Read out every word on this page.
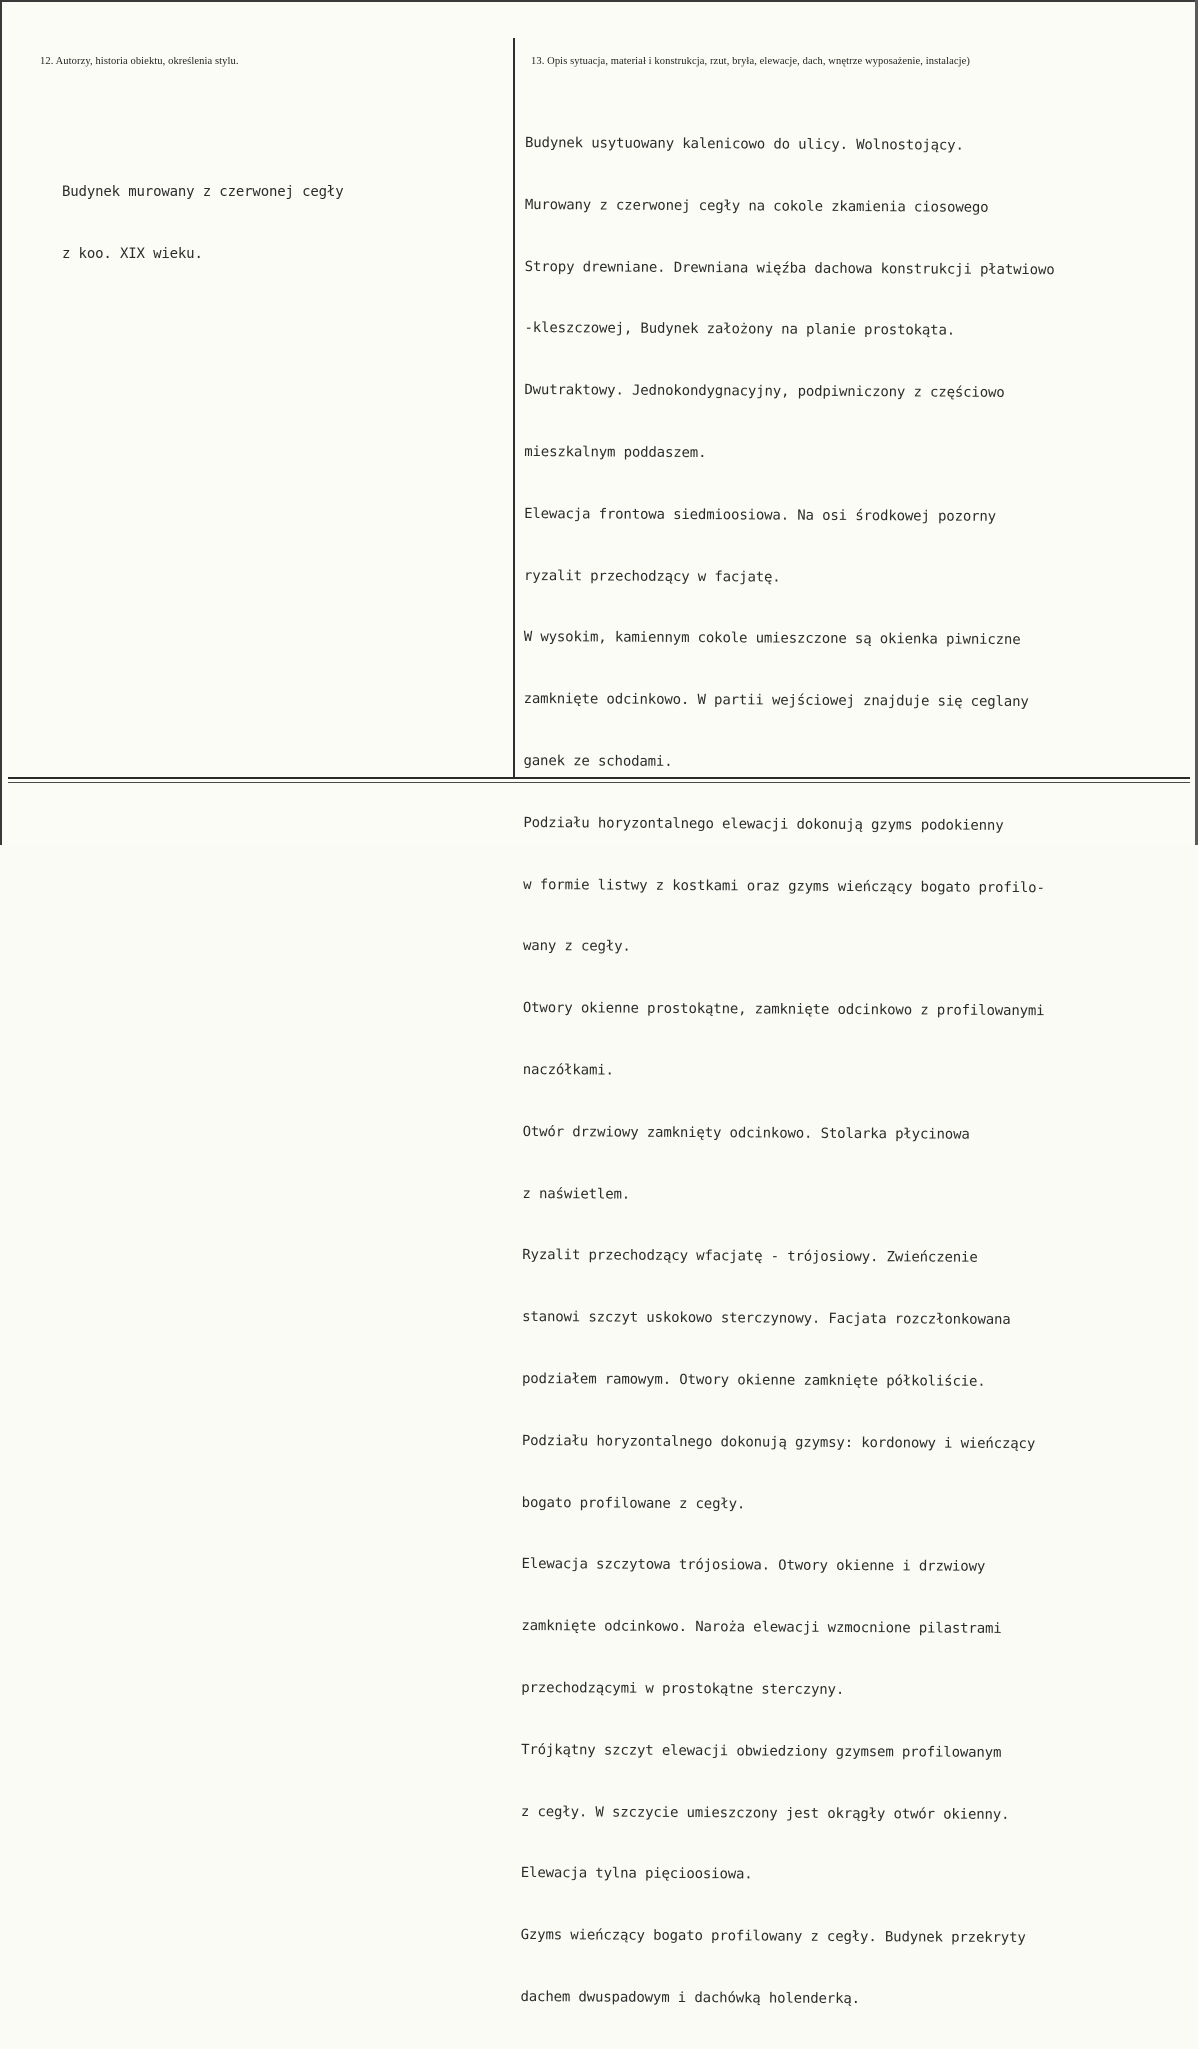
12. Autorzy, historia obiektu, określenia stylu.	13. Opis sytuacja, materiał i konstrukcja, rzut, bryła, elewacje, dach, wnętrze wyposażenie, instalacje)

Budynek murowany z czerwonej cegły

z koo. XIX wieku.

Budynek usytuowany kalenicowo do ulicy. Wolnostojący.

Murowany z czerwonej cegły na cokole zkamienia ciosowego

Stropy drewniane. Drewniana więźba dachowa konstrukcji płatwiowo

-kleszczowej, Budynek założony na planie prostokąta.

Dwutraktowy. Jednokondygnacyjny, podpiwniczony z częściowo

mieszkalnym poddaszem.

Elewacja frontowa siedmioosiowa. Na osi środkowej pozorny

ryzalit przechodzący w facjatę.

W wysokim, kamiennym cokole umieszczone są okienka piwniczne

zamknięte odcinkowo. W partii wejściowej znajduje się ceglany

ganek ze schodami.

Podziału horyzontalnego elewacji dokonują gzyms podokienny

w formie listwy z kostkami oraz gzyms wieńczący bogato profilo-

wany z cegły.

Otwory okienne prostokątne, zamknięte odcinkowo z profilowanymi

naczółkami.

Otwór drzwiowy zamknięty odcinkowo. Stolarka płycinowa

z naświetlem.

Ryzalit przechodzący wfacjatę - trójosiowy. Zwieńczenie

stanowi szczyt uskokowo sterczynowy. Facjata rozczłonkowana

podziałem ramowym. Otwory okienne zamknięte półkoliście.

Podziału horyzontalnego dokonują gzymsy: kordonowy i wieńczący

bogato profilowane z cegły.

Elewacja szczytowa trójosiowa. Otwory okienne i drzwiowy

zamknięte odcinkowo. Naroża elewacji wzmocnione pilastrami

przechodzącymi w prostokątne sterczyny.

Trójkątny szczyt elewacji obwiedziony gzymsem profilowanym

z cegły. W szczycie umieszczony jest okrągły otwór okienny.

Elewacja tylna pięcioosiowa.

Gzyms wieńczący bogato profilowany z cegły. Budynek przekryty

dachem dwuspadowym i dachówką holenderką.
